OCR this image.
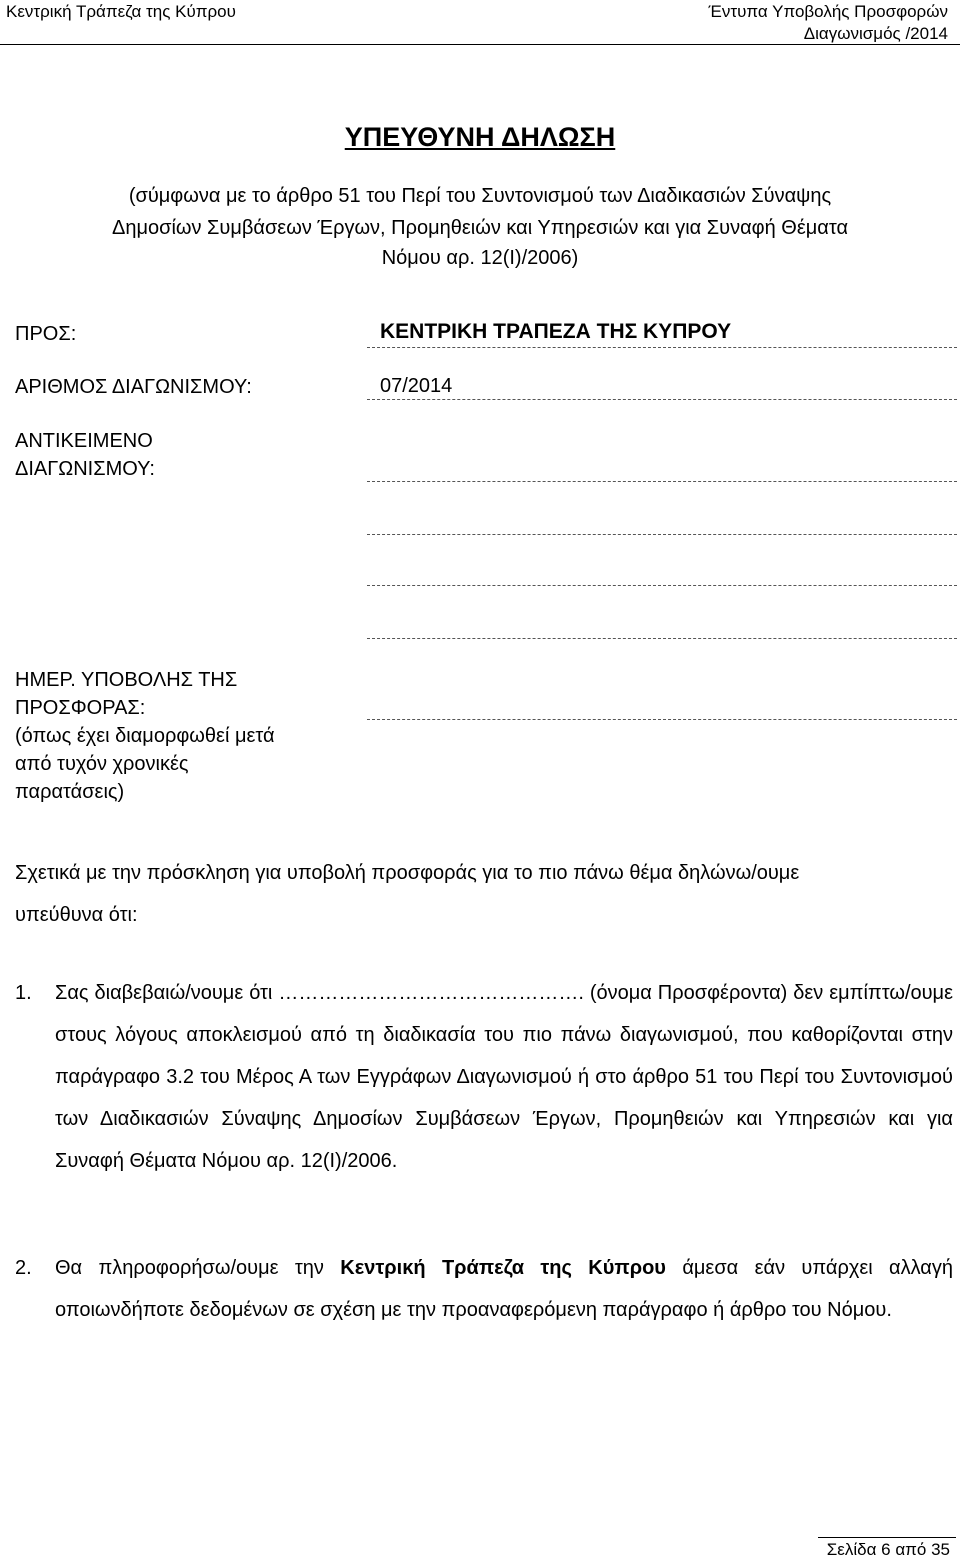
Κεντρική Τράπεζα της Κύπρου	Έντυπα Υποβολής Προσφορών
Διαγωνισμός /2014
ΥΠΕΥΘΥΝΗ ΔΗΛΩΣΗ
(σύμφωνα με το άρθρο 51 του Περί του Συντονισμού των Διαδικασιών Σύναψης
Δημοσίων Συμβάσεων Έργων, Προμηθειών και Υπηρεσιών και για Συναφή Θέματα
Νόμου αρ. 12(Ι)/2006)
ΠΡΟΣ:	ΚΕΝΤΡΙΚΗ ΤΡΑΠΕΖΑ ΤΗΣ ΚΥΠΡΟΥ
ΑΡΙΘΜΟΣ ΔΙΑΓΩΝΙΣΜΟΥ:	07/2014
ΑΝΤΙΚΕΙΜΕΝΟ
ΔΙΑΓΩΝΙΣΜΟΥ:
ΗΜΕΡ. ΥΠΟΒΟΛΗΣ ΤΗΣ
ΠΡΟΣΦΟΡΑΣ:
(όπως έχει διαμορφωθεί μετά
από τυχόν χρονικές
παρατάσεις)
Σχετικά με την πρόσκληση για υποβολή προσφοράς για το πιο πάνω θέμα δηλώνω/ουμε
υπεύθυνα ότι:
1. Σας διαβεβαιώ/νουμε ότι ………………………………………. (όνομα Προσφέροντα) δεν εμπίπτω/ουμε στους λόγους αποκλεισμού από τη διαδικασία του πιο πάνω διαγωνισμού, που καθορίζονται στην παράγραφο 3.2 του Μέρος Α των Εγγράφων Διαγωνισμού ή στο άρθρο 51 του Περί του Συντονισμού των Διαδικασιών Σύναψης Δημοσίων Συμβάσεων Έργων, Προμηθειών και Υπηρεσιών και για Συναφή Θέματα Νόμου αρ. 12(Ι)/2006.
2. Θα πληροφορήσω/ουμε την Κεντρική Τράπεζα της Κύπρου άμεσα εάν υπάρχει αλλαγή οποιωνδήποτε δεδομένων σε σχέση με την προαναφερόμενη παράγραφο ή άρθρο του Νόμου.
Σελίδα 6 από 35
